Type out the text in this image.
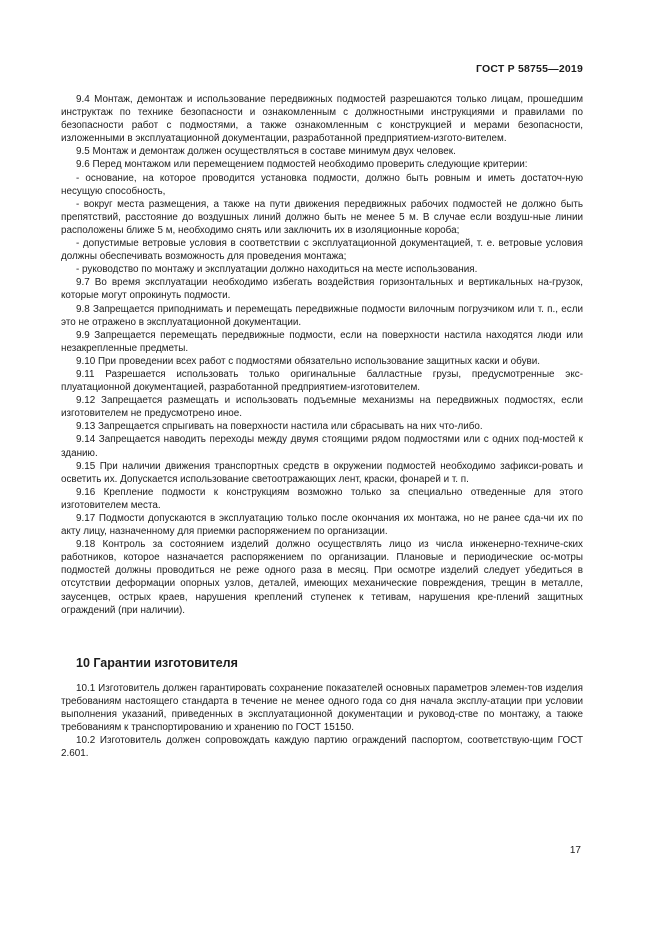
ГОСТ Р 58755—2019

9.4 Монтаж, демонтаж и использование передвижных подмостей разрешаются только лицам, прошедшим инструктаж по технике безопасности и ознакомленным с должностными инструкциями и правилами по безопасности работ с подмостями, а также ознакомленным с конструкцией и мерами безопасности, изложенными в эксплуатационной документации, разработанной предприятием-изгото-вителем.

9.5 Монтаж и демонтаж должен осуществляться в составе минимум двух человек.

9.6 Перед монтажом или перемещением подмостей необходимо проверить следующие критерии:

- основание, на которое проводится установка подмости, должно быть ровным и иметь достаточ-ную несущую способность,

- вокруг места размещения, а также на пути движения передвижных рабочих подмостей не должно быть препятствий, расстояние до воздушных линий должно быть не менее 5 м. В случае если воздуш-ные линии расположены ближе 5 м, необходимо снять или заключить их в изоляционные короба;

- допустимые ветровые условия в соответствии с эксплуатационной документацией, т. е. ветровые условия должны обеспечивать возможность для проведения монтажа;

- руководство по монтажу и эксплуатации должно находиться на месте использования.

9.7 Во время эксплуатации необходимо избегать воздействия горизонтальных и вертикальных на-грузок, которые могут опрокинуть подмости.

9.8 Запрещается приподнимать и перемещать передвижные подмости вилочным погрузчиком или т. п., если это не отражено в эксплуатационной документации.

9.9 Запрещается перемещать передвижные подмости, если на поверхности настила находятся люди или незакрепленные предметы.

9.10 При проведении всех работ с подмостями обязательно использование защитных каски и обуви.

9.11 Разрешается использовать только оригинальные балластные грузы, предусмотренные экс-плуатационной документацией, разработанной предприятием-изготовителем.

9.12 Запрещается размещать и использовать подъемные механизмы на передвижных подмостях, если изготовителем не предусмотрено иное.

9.13 Запрещается спрыгивать на поверхности настила или сбрасывать на них что-либо.

9.14 Запрещается наводить переходы между двумя стоящими рядом подмостями или с одних под-мостей к зданию.

9.15 При наличии движения транспортных средств в окружении подмостей необходимо зафикси-ровать и осветить их. Допускается использование светоотражающих лент, краски, фонарей и т. п.

9.16 Крепление подмости к конструкциям возможно только за специально отведенные для этого изготовителем места.

9.17 Подмости допускаются в эксплуатацию только после окончания их монтажа, но не ранее сда-чи их по акту лицу, назначенному для приемки распоряжением по организации.

9.18 Контроль за состоянием изделий должно осуществлять лицо из числа инженерно-техниче-ских работников, которое назначается распоряжением по организации. Плановые и периодические ос-мотры подмостей должны проводиться не реже одного раза в месяц. При осмотре изделий следует убедиться в отсутствии деформации опорных узлов, деталей, имеющих механические повреждения, трещин в металле, заусенцев, острых краев, нарушения креплений ступенек к тетивам, нарушения кре-плений защитных ограждений (при наличии).

10 Гарантии изготовителя

10.1 Изготовитель должен гарантировать сохранение показателей основных параметров элемен-тов изделия требованиям настоящего стандарта в течение не менее одного года со дня начала эксплу-атации при условии выполнения указаний, приведенных в эксплуатационной документации и руковод-стве по монтажу, а также требованиям к транспортированию и хранению по ГОСТ 15150.

10.2 Изготовитель должен сопровождать каждую партию ограждений паспортом, соответствую-щим ГОСТ 2.601.

17
